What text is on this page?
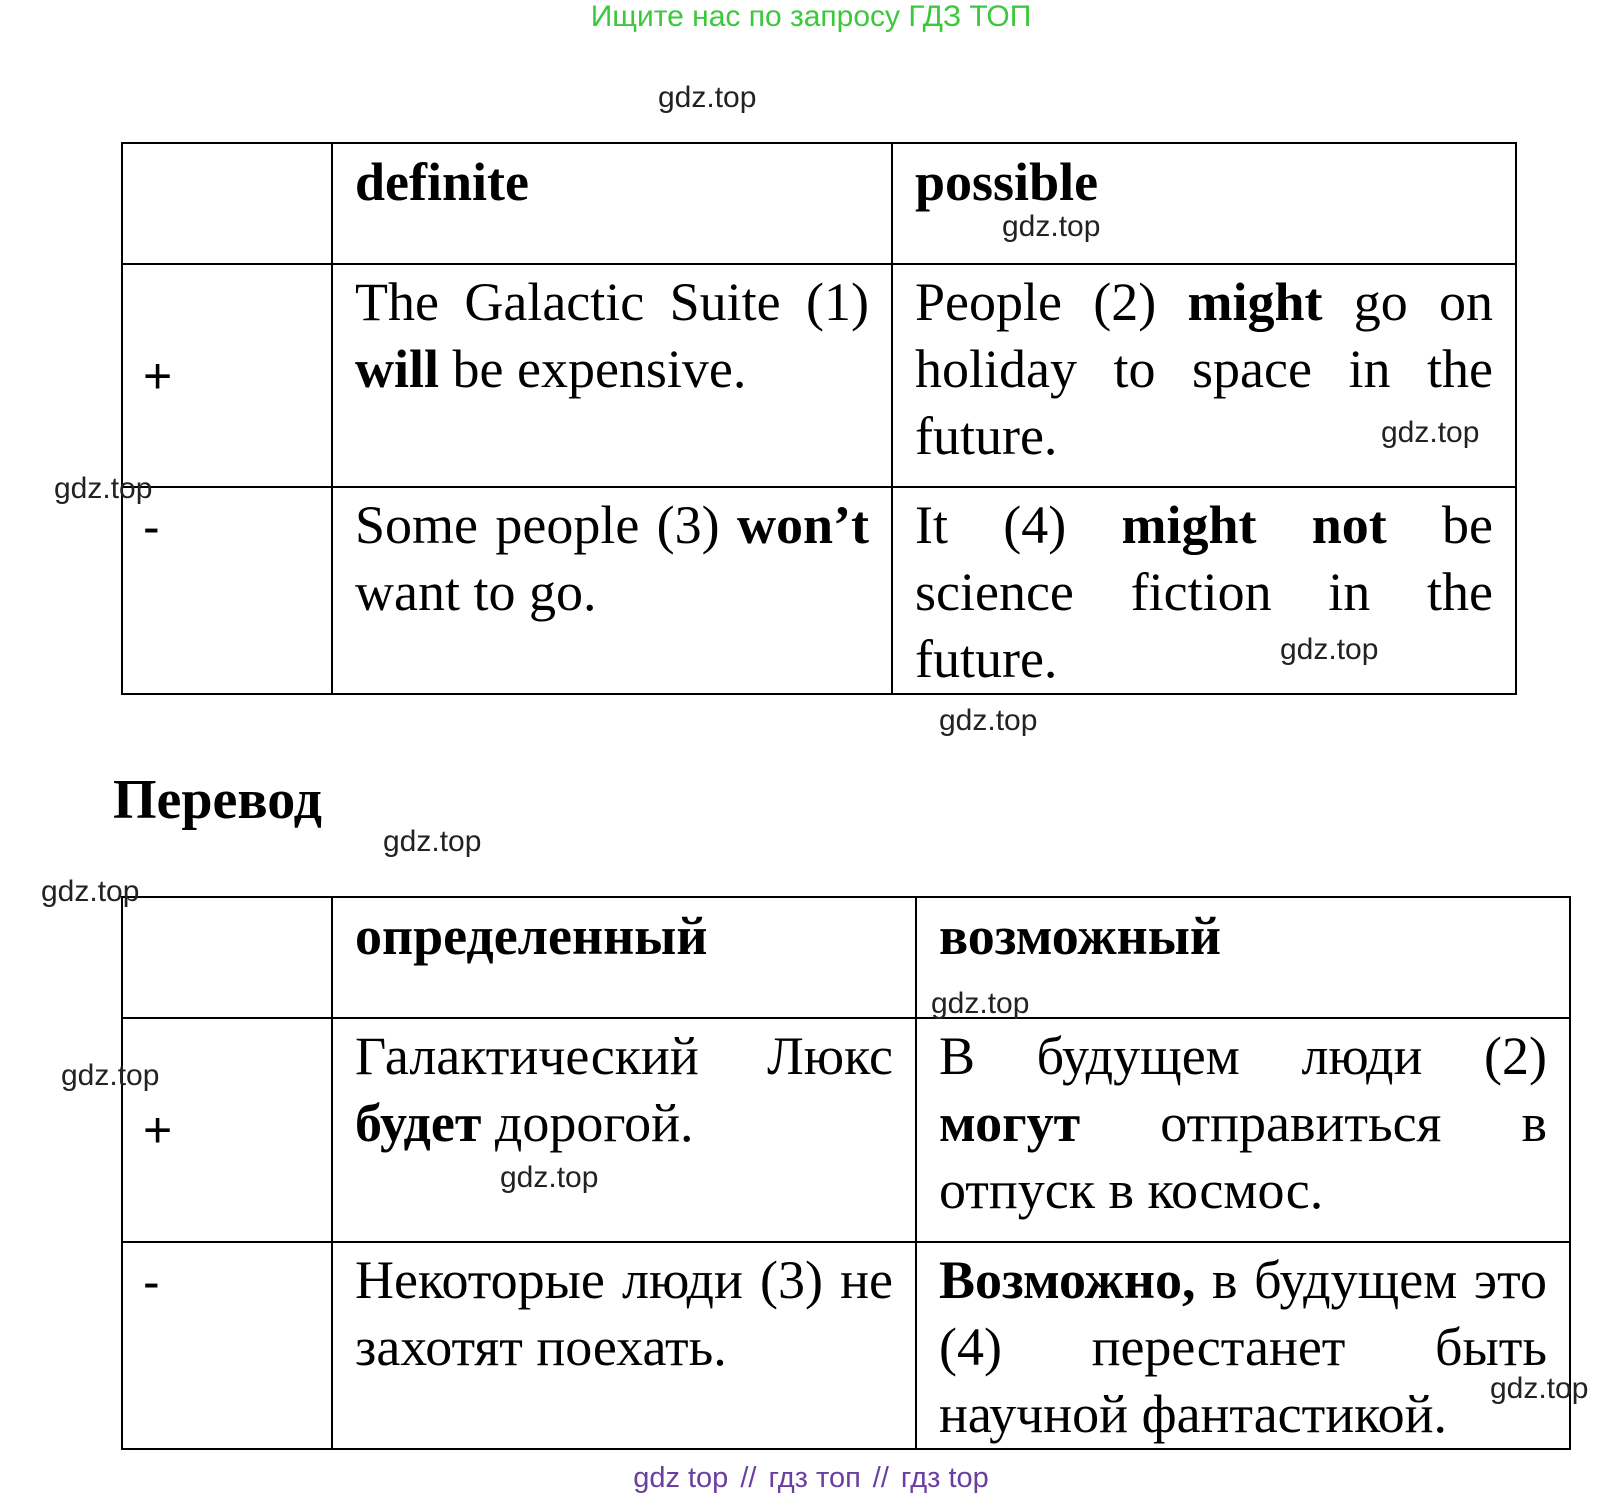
Ищите нас по запросу ГДЗ ТОП
	definite	possible
+	The Galactic Suite (1) will be expensive.	People (2) might go on holiday to space in the future.
-	Some people (3) won’t want to go.	It (4) might not be science fiction in the future.
Перевод
	определенный	возможный
+	Галактический Люкс будет дорогой.	В будущем люди (2) могут отправиться в отпуск в космос.
-	Некоторые люди (3) не захотят поехать.	Возможно, в будущем это (4) перестанет быть научной фантастикой.
gdz.top
gdz.top
gdz.top
gdz.top
gdz.top
gdz.top
gdz.top
gdz.top
gdz.top
gdz.top
gdz.top
gdz.top
gdz top // гдз топ // гдз top
